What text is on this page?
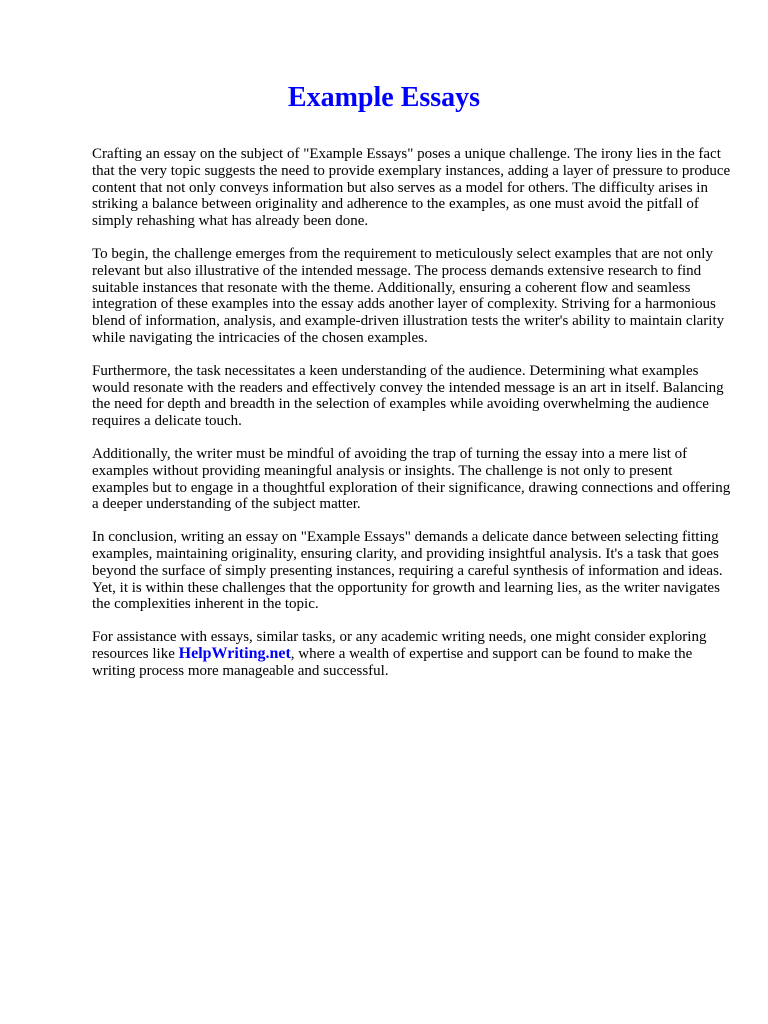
Example Essays

Crafting an essay on the subject of "Example Essays" poses a unique challenge. The irony lies in the fact that the very topic suggests the need to provide exemplary instances, adding a layer of pressure to produce content that not only conveys information but also serves as a model for others. The difficulty arises in striking a balance between originality and adherence to the examples, as one must avoid the pitfall of simply rehashing what has already been done.

To begin, the challenge emerges from the requirement to meticulously select examples that are not only relevant but also illustrative of the intended message. The process demands extensive research to find suitable instances that resonate with the theme. Additionally, ensuring a coherent flow and seamless integration of these examples into the essay adds another layer of complexity. Striving for a harmonious blend of information, analysis, and example-driven illustration tests the writer's ability to maintain clarity while navigating the intricacies of the chosen examples.

Furthermore, the task necessitates a keen understanding of the audience. Determining what examples would resonate with the readers and effectively convey the intended message is an art in itself. Balancing the need for depth and breadth in the selection of examples while avoiding overwhelming the audience requires a delicate touch.

Additionally, the writer must be mindful of avoiding the trap of turning the essay into a mere list of examples without providing meaningful analysis or insights. The challenge is not only to present examples but to engage in a thoughtful exploration of their significance, drawing connections and offering a deeper understanding of the subject matter.

In conclusion, writing an essay on "Example Essays" demands a delicate dance between selecting fitting examples, maintaining originality, ensuring clarity, and providing insightful analysis. It's a task that goes beyond the surface of simply presenting instances, requiring a careful synthesis of information and ideas. Yet, it is within these challenges that the opportunity for growth and learning lies, as the writer navigates the complexities inherent in the topic.

For assistance with essays, similar tasks, or any academic writing needs, one might consider exploring resources like HelpWriting.net, where a wealth of expertise and support can be found to make the writing process more manageable and successful.
